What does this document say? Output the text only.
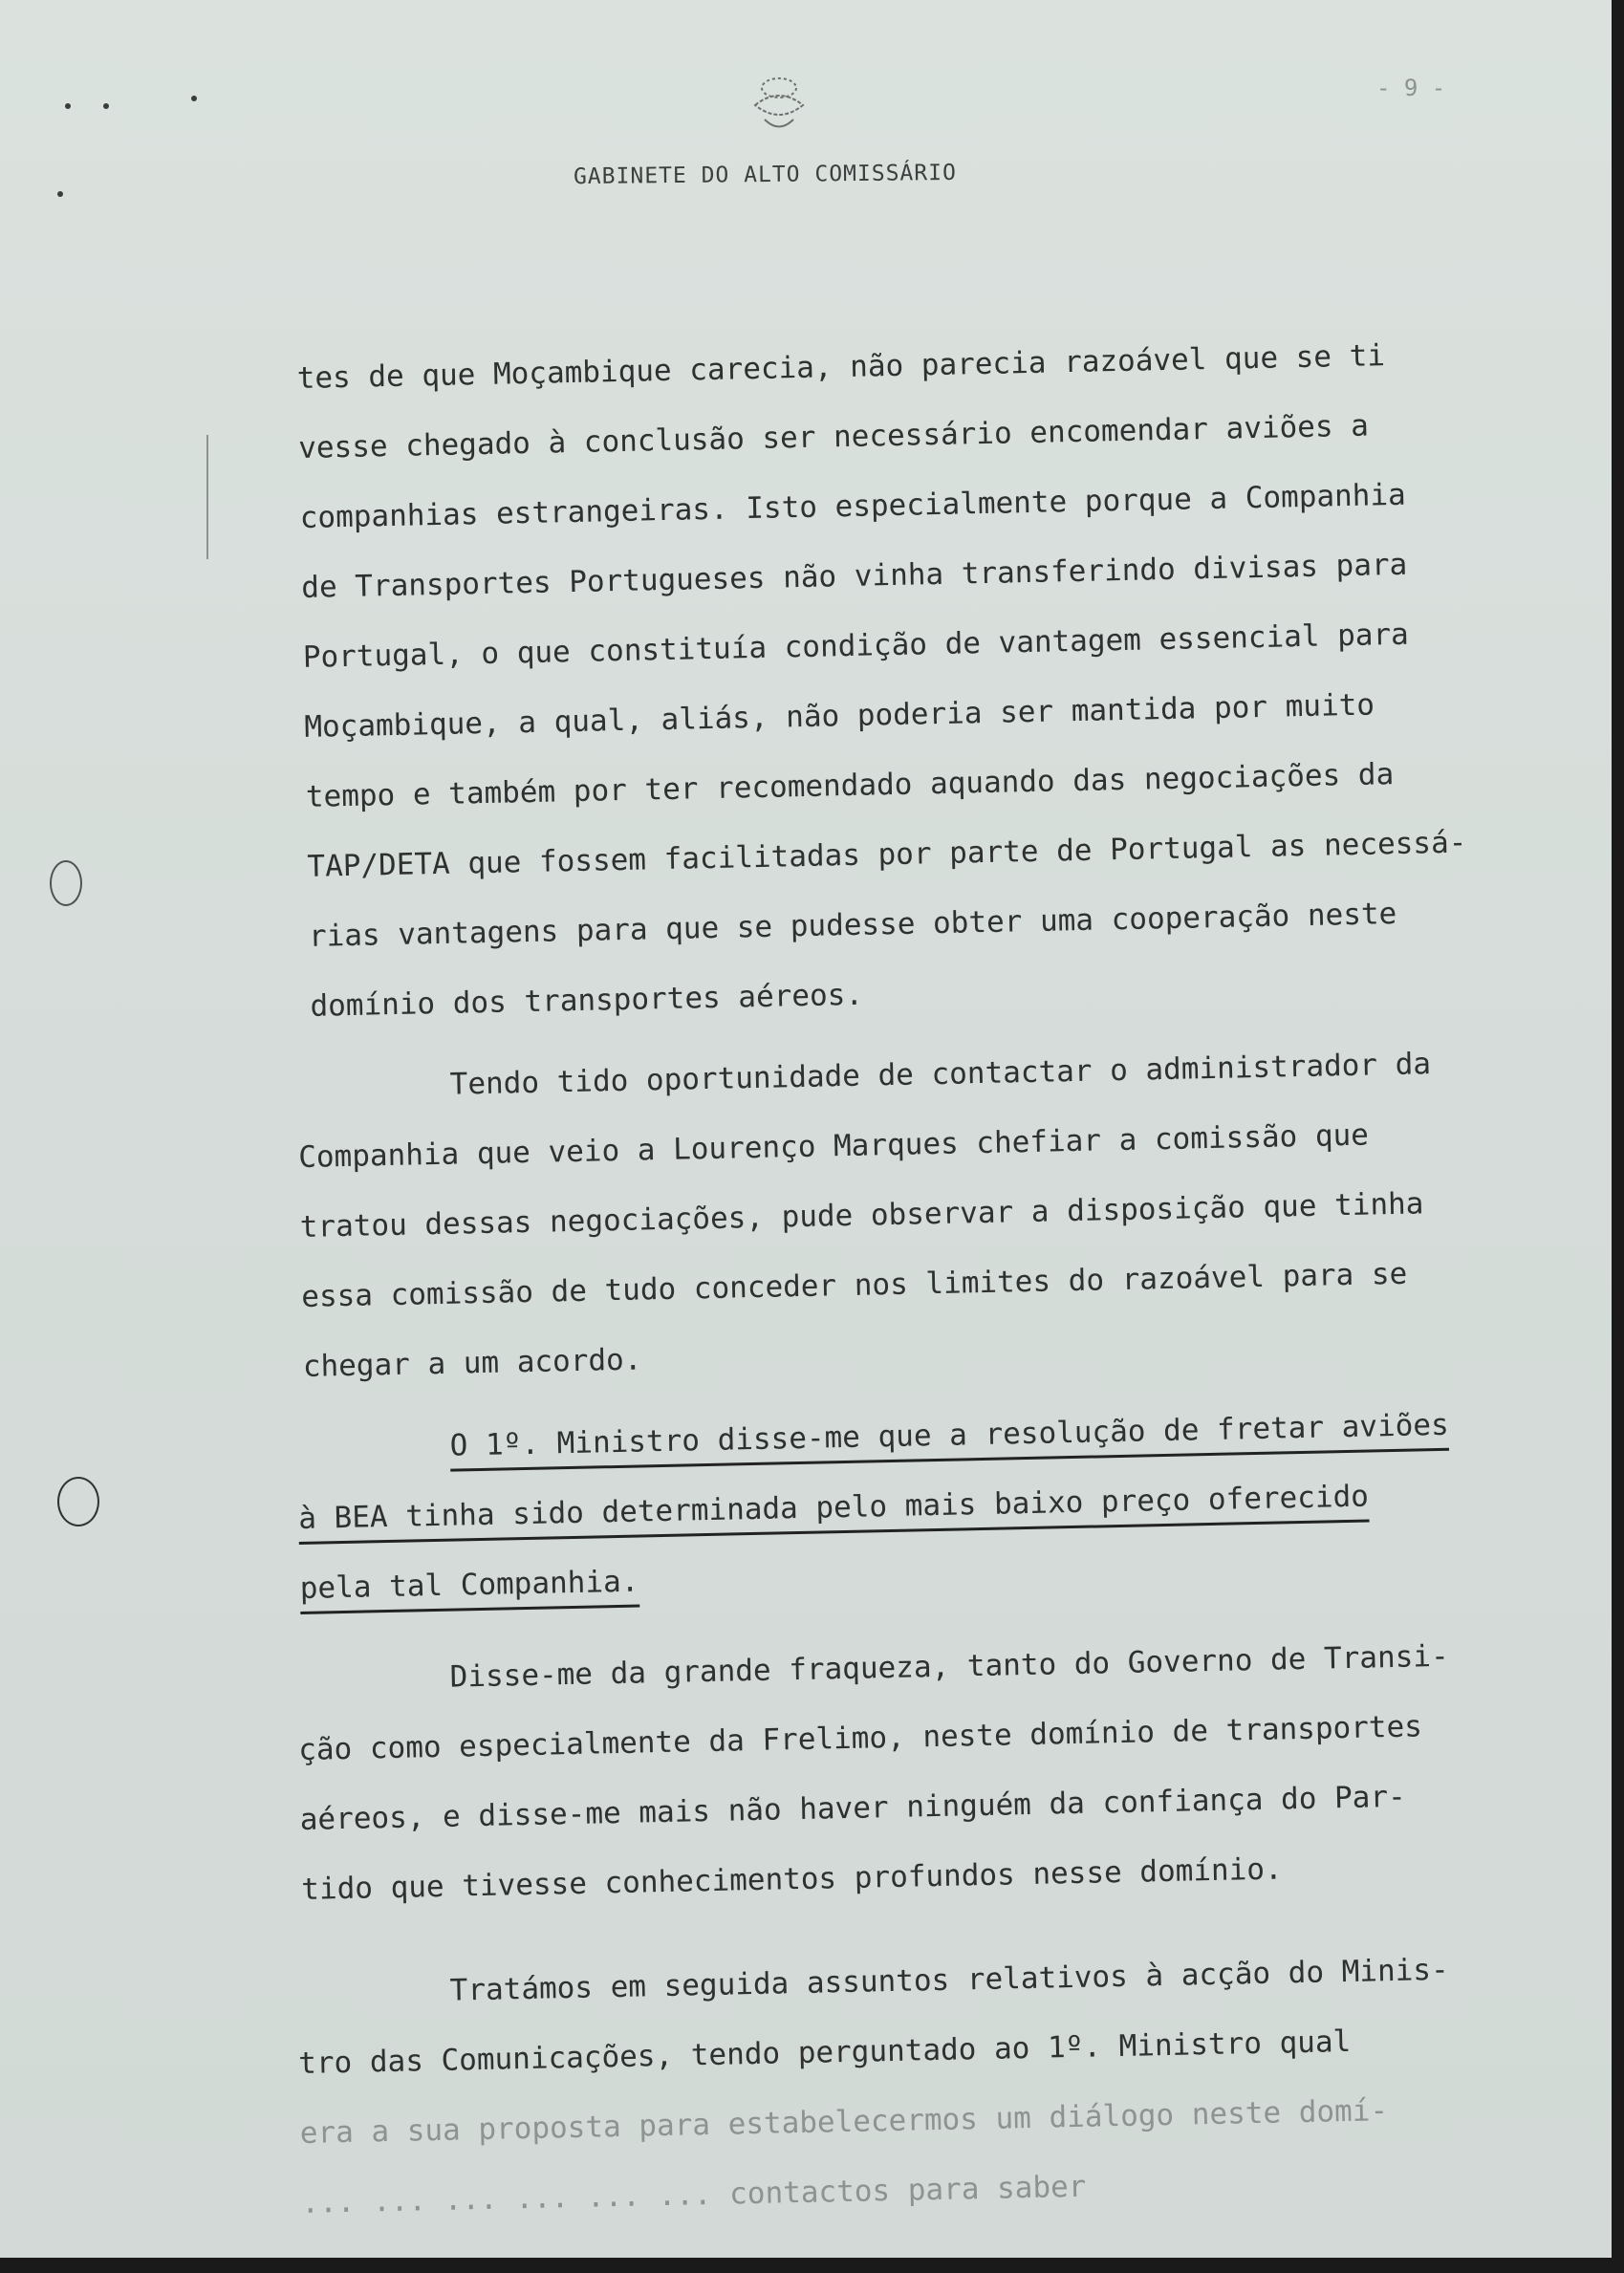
GABINETE DO ALTO COMISSÁRIO
- 9 -
tes de que Moçambique carecia, não parecia razoável que se ti
vesse chegado à conclusão ser necessário encomendar aviões a
companhias estrangeiras. Isto especialmente porque a Companhia
de Transportes Portugueses não vinha transferindo divisas para
Portugal, o que constituía condição de vantagem essencial para
Moçambique, a qual, aliás, não poderia ser mantida por muito
tempo e também por ter recomendado aquando das negociações da
TAP/DETA que fossem facilitadas por parte de Portugal as necessá-
rias vantagens para que se pudesse obter uma cooperação neste
domínio dos transportes aéreos.
Tendo tido oportunidade de contactar o administrador da
Companhia que veio a Lourenço Marques chefiar a comissão que
tratou dessas negociações, pude observar a disposição que tinha
essa comissão de tudo conceder nos limites do razoável para se
chegar a um acordo.
O 1º. Ministro disse-me que a resolução de fretar aviões
à BEA tinha sido determinada pelo mais baixo preço oferecido
pela tal Companhia.
Disse-me da grande fraqueza, tanto do Governo de Transi-
ção como especialmente da Frelimo, neste domínio de transportes
aéreos, e disse-me mais não haver ninguém da confiança do Par-
tido que tivesse conhecimentos profundos nesse domínio.
Tratámos em seguida assuntos relativos à acção do Minis-
tro das Comunicações, tendo perguntado ao 1º. Ministro qual
era a sua proposta para estabelecermos um diálogo neste domí-
... ... ... ... ... ... contactos para saber
